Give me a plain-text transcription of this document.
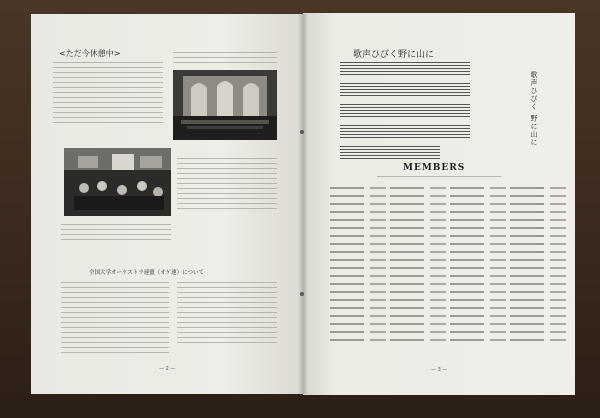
<ただ今休憩中>
全国大学オーケストラ連盟（オケ連）について
— 2 —
歌声ひびく野に山に
歌声ひびく 野に山に
MEMBERS
— 3 —
